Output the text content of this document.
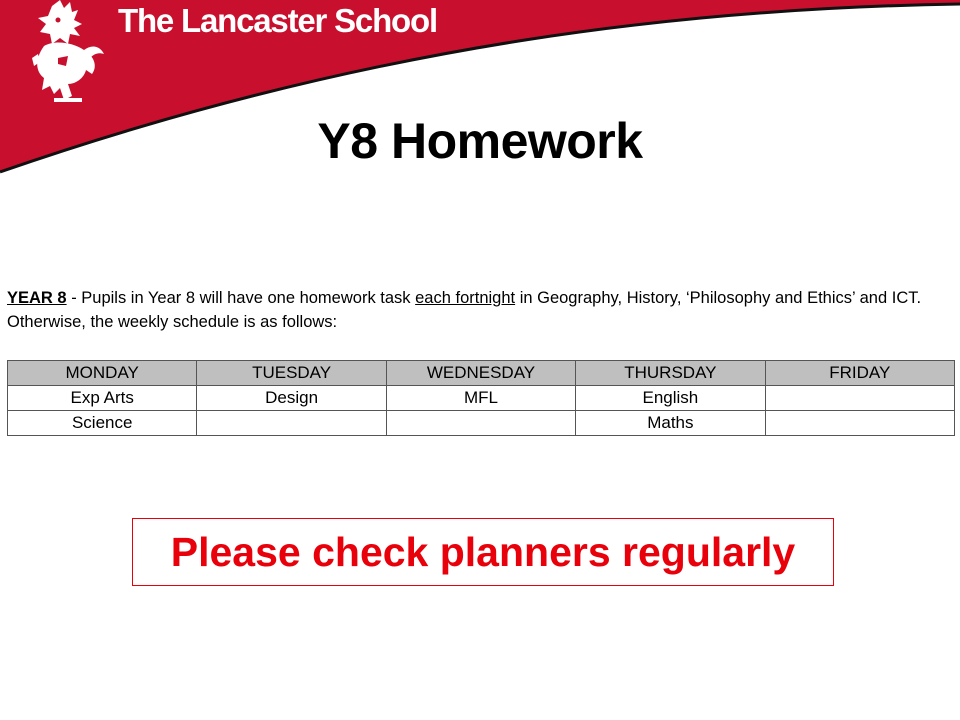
The Lancaster School
Y8 Homework
YEAR 8 - Pupils in Year 8 will have one homework task each fortnight in Geography, History, ‘Philosophy and Ethics’ and ICT. Otherwise, the weekly schedule is as follows:
MONDAY	TUESDAY	WEDNESDAY	THURSDAY	FRIDAY
Exp Arts	Design	MFL	English	
Science			Maths	
Please check planners regularly
